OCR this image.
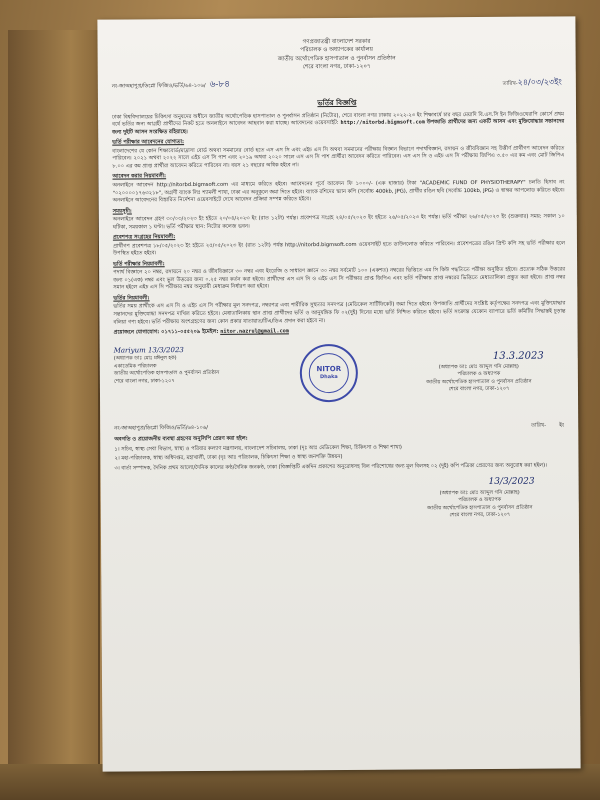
গণপ্রজাতন্ত্রী বাংলাদেশ সরকার
পরিচালক ও অধ্যাপকের কার্যালয়
জাতীয় অর্থোপেডিক হাসপাতাল ও পুনর্বাসন প্রতিষ্ঠান
শেরে বাংলা নগর, ঢাকা-১২০৭
নং-জাঅহাপুপ্র/ডিপ্লো ফিজিও/ভর্তি/৬৪-১০৬/ ৬-৮৪	তারিখ-২৪/০৩/২৩ইং
ভর্তির বিজ্ঞপ্তি

ঢাকা বিশ্ববিদ্যালয়ের চিকিৎসা অনুষদের অধীনে জাতীয় অর্থোপেডিক হাসপাতাল ও পুনর্বাসন প্রতিষ্ঠান (নিটোর), শেরে বাংলা নগর ঢাকায় ২০২২-২৩ ইং শিক্ষাবর্ষে চার বছর মেয়াদি বি.এস.সি ইন ফিজিওথেরাপি কোর্সে প্রথম বর্ষে ভর্তির জন্য আগ্রহী প্রার্থীদের নিকট হতে অনলাইনে আবেদন আহবান করা যাচ্ছে। আবেদনের ওয়েবসাইট: http://nitorbd.bigmsoft.com উপজাতি প্রার্থীদের জন্য একটি আসন এবং মুক্তিযোদ্ধার সন্তানদের জন্য দুইটি আসন সংরক্ষিত রহিয়াছে।

ভর্তি পরীক্ষার আবেদনের যোগ্যতা:

বাংলাদেশের যে কোন শিক্ষাবোর্ড/মাদ্রাসা বোর্ড অথবা সমমানের বোর্ড হতে এস এস সি এবং এইচ এস সি অথবা সমমানের পরীক্ষায় বিজ্ঞান বিভাগে পদার্থবিজ্ঞান, রসায়ন ও জীববিজ্ঞান সহ উত্তীর্ণ প্রার্থীগণ আবেদন করিতে পারিবেন। ২০২১ অথবা ২০২২ সালে এইচ এস সি পাশ এবং ২০১৯ অথবা ২০২০ সালে এস এস সি পাশ প্রার্থীরা আবেদন করিতে পারিবেন। এস এস সি ও এইচ এস সি পরীক্ষায় জিপিএ ৩.৫০ এর কম এবং মোট জিপিএ ৮.০০ এর কম প্রাপ্ত প্রার্থীরা আবেদন করিতে পারিবেন না। বয়স ২১ বছরের অধিক হইবে না।

আবেদন করার নিয়মাবলী:

অনলাইনে আবেদন http://nitorbd.bigmsoft.com এর মাধ্যমে করিতে হইবে। আবেদনের পূর্বে আবেদন ফি ১০০০/- (এক হাজার) টাকা "ACADEMIC FUND OF PHYSIOTHERAPY" চলতি হিসাব নং "০২০০০০১৭৬৩২১৮", অগ্রণী ব্যাংক লিঃ শ্যামলী শাখা, ঢাকা এর অনুকূলে জমা দিতে হইবে। ব্যাংক রশিদের স্ক্যান কপি (সর্বোচ্চ 400kb, JPG), প্রার্থীর রঙিন ছবি (সর্বোচ্চ 100kb, JPG) ও স্বাক্ষর আপলোড করিতে হইবে। অনলাইনে আবেদনের বিস্তারিত নির্দেশনা ওয়েবসাইটে দেখে আবেদন প্রক্রিয়া সম্পন্ন করিতে হইবে।

সময়সূচী:

অনলাইনে আবেদন গ্রহণ ৩০/০৩/২০২৩ ইং হইতে ২০/০৪/২০২৩ ইং (রাত ১২টা) পর্যন্ত। প্রবেশপত্র সংগ্রহ ২৪/০৫/২০২৩ ইং হইতে ২৬/০৫/২০২৩ ইং পর্যন্ত। ভর্তি পরীক্ষা ২৬/০৫/২০২৩ ইং (শুক্রবার) সময়: সকাল ১০ ঘটিকা, সময়কাল ১ ঘণ্টা। ভর্তি পরীক্ষার স্থান: নিটোর কলেজ ভবন।

প্রবেশপত্র সংগ্রহের নিয়মাবলী:

প্রার্থীগণ প্রবেশপত্র ১৮/০৫/২০২৩ ইং হইতে ২৫/০৫/২০২৩ ইং (রাত ১২টা) পর্যন্ত http://nitorbd.bigmsoft.com ওয়েবসাইট হতে ডাউনলোড করিতে পারিবেন। প্রবেশপত্রের রঙিন প্রিন্ট কপি সহ ভর্তি পরীক্ষার হলে উপস্থিত হইতে হইবে।

ভর্তি পরীক্ষার নিয়মাবলী:

পদার্থ বিজ্ঞানে ২০ নম্বর, রসায়নে ২০ নম্বর ও জীববিজ্ঞানে ৩০ নম্বর এবং ইংরেজি ও সাধারণ জ্ঞানে ৩০ নম্বর সর্বমোট ১০০ (একশত) নম্বরের ভিত্তিতে এম সি কিউ পদ্ধতিতে পরীক্ষা অনুষ্ঠিত হইবে। প্রত্যেক সঠিক উত্তরের জন্য ০১(এক) নম্বর এবং ভুল উত্তরের জন্য ০.২৫ নম্বর কর্তন করা হইবে। প্রার্থীদের এস এস সি ও এইচ এস সি পরীক্ষার প্রাপ্ত জিপিএ এবং ভর্তি পরীক্ষায় প্রাপ্ত নম্বরের ভিত্তিতে মেধাতালিকা প্রস্তুত করা হইবে। প্রাপ্ত নম্বর সমান হইলে এইচ এস সি পরীক্ষার নম্বর অনুযায়ী মেধাক্রম নির্ধারণ করা হইবে।

ভর্তির নিয়মাবলী:

ভর্তির সময় প্রার্থীকে এস এস সি ও এইচ এস সি পরীক্ষার মূল সনদপত্র, নম্বরপত্র এবং শারীরিক সুস্থতার সনদপত্র (মেডিকেল সার্টিফিকেট) জমা দিতে হইবে। উপজাতি প্রার্থীদের সংশ্লিষ্ট কর্তৃপক্ষের সনদপত্র এবং মুক্তিযোদ্ধার সন্তানদের মুক্তিযোদ্ধা সনদপত্র দাখিল করিতে হইবে। মেধাতালিকায় স্থান প্রাপ্ত প্রার্থীদের ভর্তি ও আনুষঙ্গিক ফি ০২(দুই) দিনের মধ্যে ভর্তি নিশ্চিত করিতে হইবে। ভর্তি সংক্রান্ত যেকোন ব্যাপারে ভর্তি কমিটির সিদ্ধান্তই চূড়ান্ত বলিয়া গণ্য হইবে। ভর্তি পরীক্ষায় অংশগ্রহণের জন্য কোন প্রকার যাতায়াত/টিএ/ডিএ প্রদান করা হইবে না।

প্রয়োজনে যোগাযোগ: ০১৭১১-০৫৫২০৯ ইমেইল: nitor.nazrul@gmail.com

Mariyum 13/3/2023
(অধ্যাপক ডাঃ মোঃ মঈনুল হক)
একাডেমিক পরিচালক
জাতীয় অর্থোপেডিক হাসপাতাল ও পুনর্বাসন প্রতিষ্ঠান
শেরে বাংলা নগর, ঢাকা-১২০৭
NITOR
Dhaka
13.3.2023
(অধ্যাপক ডাঃ মোঃ আব্দুল গনি মোল্লাহ)
পরিচালক ও অধ্যাপক
জাতীয় অর্থোপেডিক হাসপাতাল ও পুনর্বাসন প্রতিষ্ঠান
শেরে বাংলা নগর, ঢাকা-১২০৭
নং-জাঅহাপুপ্র/ডিপ্লো ফিজিও/ভর্তি/৬৪-১০৬/	তারিখ-	ইং
অবগতি ও প্রয়োজনীয় ব্যবস্থা গ্রহণের অনুলিপি প্রেরণ করা হইল:

১। সচিব, স্বাস্থ্য সেবা বিভাগ, স্বাস্থ্য ও পরিবার কল্যাণ মন্ত্রণালয়, বাংলাদেশ সচিবালয়, ঢাকা (দৃঃ আঃ মেডিকেল শিক্ষা, চিকিৎসা ও শিক্ষা শাখা)

২। মহা-পরিচালক, স্বাস্থ্য অধিদপ্তর, মহাখালী, ঢাকা (দৃঃ আঃ পরিচালক, চিকিৎসা শিক্ষা ও স্বাস্থ্য জনশক্তি উন্নয়ন)

৩। বার্তা সম্পাদক, দৈনিক প্রথম আলো/দৈনিক কালের কণ্ঠ/দৈনিক জনকণ্ঠ, ঢাকা (বিজ্ঞপ্তিটি একদিন প্রকাশের অনুরোধসহ বিল পরিশোধের জন্য মূল বিলসহ ০২ (দুই) কপি পত্রিকা প্রেরণের জন্য অনুরোধ করা হইল)।

13/3/2023
(অধ্যাপক ডাঃ মোঃ আব্দুল গনি মোল্লাহ)
পরিচালক ও অধ্যাপক
জাতীয় অর্থোপেডিক হাসপাতাল ও পুনর্বাসন প্রতিষ্ঠান
শেরে বাংলা নগর, ঢাকা-১২০৭
